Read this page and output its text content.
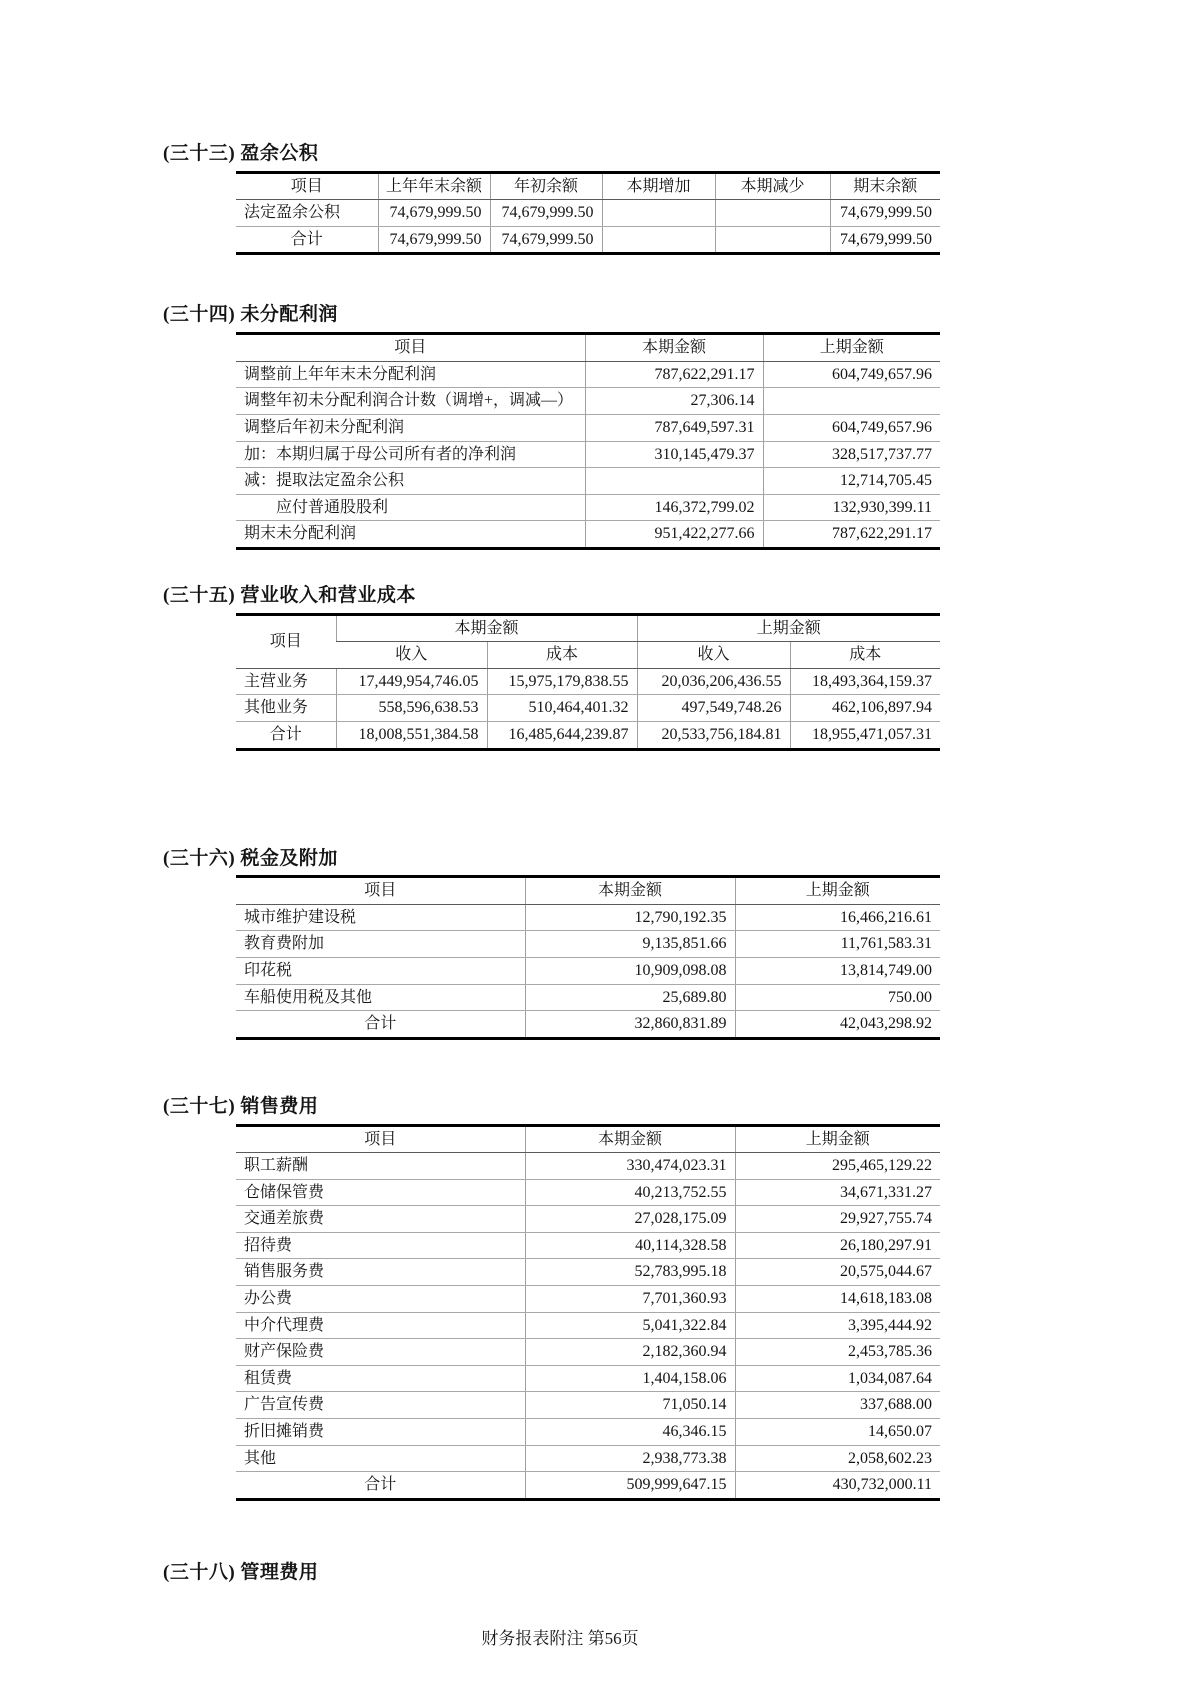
(三十三) 盈余公积
项目	上年年末余额	年初余额	本期增加	本期减少	期末余额
法定盈余公积	74,679,999.50	74,679,999.50			74,679,999.50
合计	74,679,999.50	74,679,999.50			74,679,999.50
(三十四) 未分配利润
项目	本期金额	上期金额
调整前上年年末未分配利润	787,622,291.17	604,749,657.96
调整年初未分配利润合计数（调增+，调减—）	27,306.14	
调整后年初未分配利润	787,649,597.31	604,749,657.96
加：本期归属于母公司所有者的净利润	310,145,479.37	328,517,737.77
减：提取法定盈余公积		12,714,705.45
　　应付普通股股利	146,372,799.02	132,930,399.11
期末未分配利润	951,422,277.66	787,622,291.17
(三十五) 营业收入和营业成本
项目	本期金额		上期金额	
	收入	成本	收入	成本
主营业务	17,449,954,746.05	15,975,179,838.55	20,036,206,436.55	18,493,364,159.37
其他业务	558,596,638.53	510,464,401.32	497,549,748.26	462,106,897.94
合计	18,008,551,384.58	16,485,644,239.87	20,533,756,184.81	18,955,471,057.31
(三十六) 税金及附加
项目	本期金额	上期金额
城市维护建设税	12,790,192.35	16,466,216.61
教育费附加	9,135,851.66	11,761,583.31
印花税	10,909,098.08	13,814,749.00
车船使用税及其他	25,689.80	750.00
合计	32,860,831.89	42,043,298.92
(三十七) 销售费用
项目	本期金额	上期金额
职工薪酬	330,474,023.31	295,465,129.22
仓储保管费	40,213,752.55	34,671,331.27
交通差旅费	27,028,175.09	29,927,755.74
招待费	40,114,328.58	26,180,297.91
销售服务费	52,783,995.18	20,575,044.67
办公费	7,701,360.93	14,618,183.08
中介代理费	5,041,322.84	3,395,444.92
财产保险费	2,182,360.94	2,453,785.36
租赁费	1,404,158.06	1,034,087.64
广告宣传费	71,050.14	337,688.00
折旧摊销费	46,346.15	14,650.07
其他	2,938,773.38	2,058,602.23
合计	509,999,647.15	430,732,000.11
(三十八) 管理费用
财务报表附注 第56页
